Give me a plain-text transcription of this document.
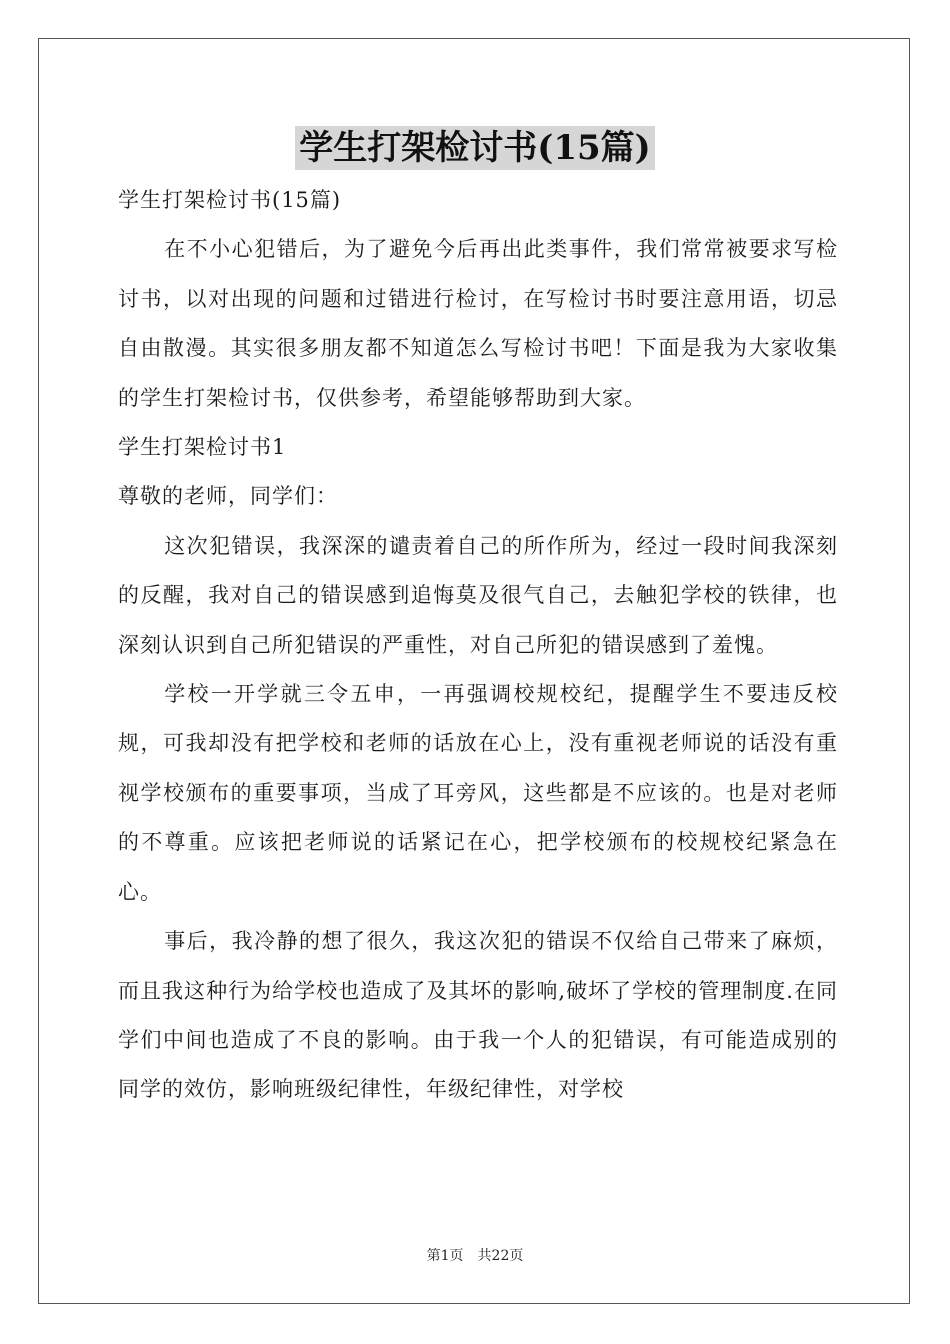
学生打架检讨书(15篇)

学生打架检讨书(15篇)

在不小心犯错后，为了避免今后再出此类事件，我们常常被要求写检讨书，以对出现的问题和过错进行检讨，在写检讨书时要注意用语，切忌自由散漫。其实很多朋友都不知道怎么写检讨书吧！下面是我为大家收集的学生打架检讨书，仅供参考，希望能够帮助到大家。

学生打架检讨书1

尊敬的老师，同学们：

这次犯错误，我深深的谴责着自己的所作所为，经过一段时间我深刻的反醒，我对自己的错误感到追悔莫及很气自己，去触犯学校的铁律，也深刻认识到自己所犯错误的严重性，对自己所犯的错误感到了羞愧。

学校一开学就三令五申，一再强调校规校纪，提醒学生不要违反校规，可我却没有把学校和老师的话放在心上，没有重视老师说的话没有重视学校颁布的重要事项，当成了耳旁风，这些都是不应该的。也是对老师的不尊重。应该把老师说的话紧记在心，把学校颁布的校规校纪紧急在心。

事后，我冷静的想了很久，我这次犯的错误不仅给自己带来了麻烦，而且我这种行为给学校也造成了及其坏的影响,破坏了学校的管理制度.在同学们中间也造成了不良的影响。由于我一个人的犯错误，有可能造成别的同学的效仿，影响班级纪律性，年级纪律性，对学校

第1页 共22页
